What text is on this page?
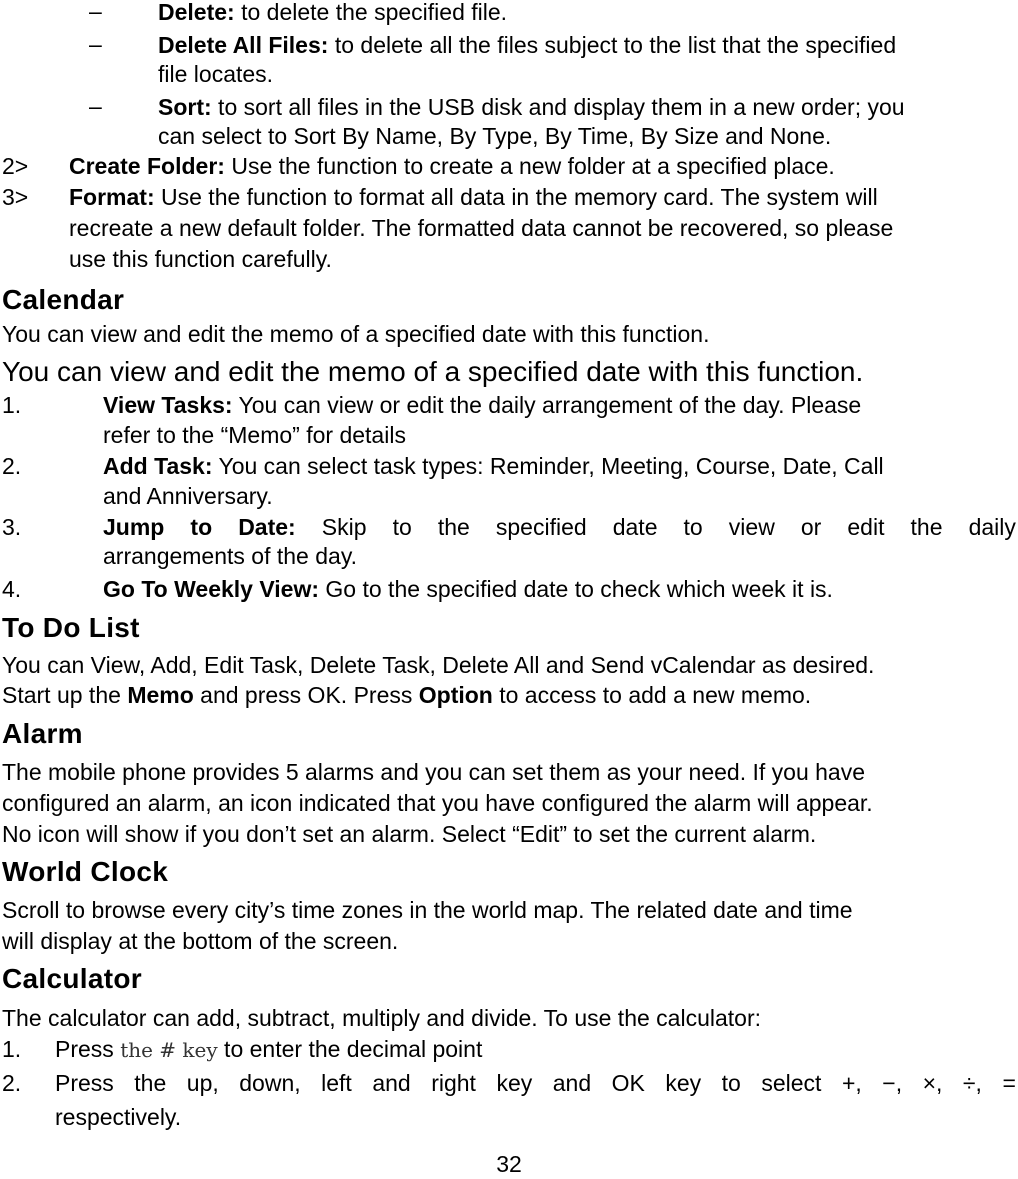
– Delete: to delete the specified file.
– Delete All Files: to delete all the files subject to the list that the specified
file locates.
– Sort: to sort all files in the USB disk and display them in a new order; you
can select to Sort By Name, By Type, By Time, By Size and None.
2> Create Folder: Use the function to create a new folder at a specified place.
3> Format: Use the function to format all data in the memory card. The system will
recreate a new default folder. The formatted data cannot be recovered, so please
use this function carefully.
Calendar
You can view and edit the memo of a specified date with this function.
You can view and edit the memo of a specified date with this function.
1.	View Tasks: You can view or edit the daily arrangement of the day. Please
refer to the “Memo” for details
2.	Add Task: You can select task types: Reminder, Meeting, Course, Date, Call
and Anniversary.
3.	Jump to Date: Skip to the specified date to view or edit the daily
arrangements of the day.
4.	Go To Weekly View: Go to the specified date to check which week it is.
To Do List
You can View, Add, Edit Task, Delete Task, Delete All and Send vCalendar as desired.
Start up the Memo and press OK. Press Option to access to add a new memo.
Alarm
The mobile phone provides 5 alarms and you can set them as your need. If you have
configured an alarm, an icon indicated that you have configured the alarm will appear.
No icon will show if you don’t set an alarm. Select “Edit” to set the current alarm.
World Clock
Scroll to browse every city’s time zones in the world map. The related date and time
will display at the bottom of the screen.
Calculator
The calculator can add, subtract, multiply and divide. To use the calculator:
1. Press the # key to enter the decimal point
2. Press the up, down, left and right key and OK key to select +, −, ×, ÷, =
respectively.
32
